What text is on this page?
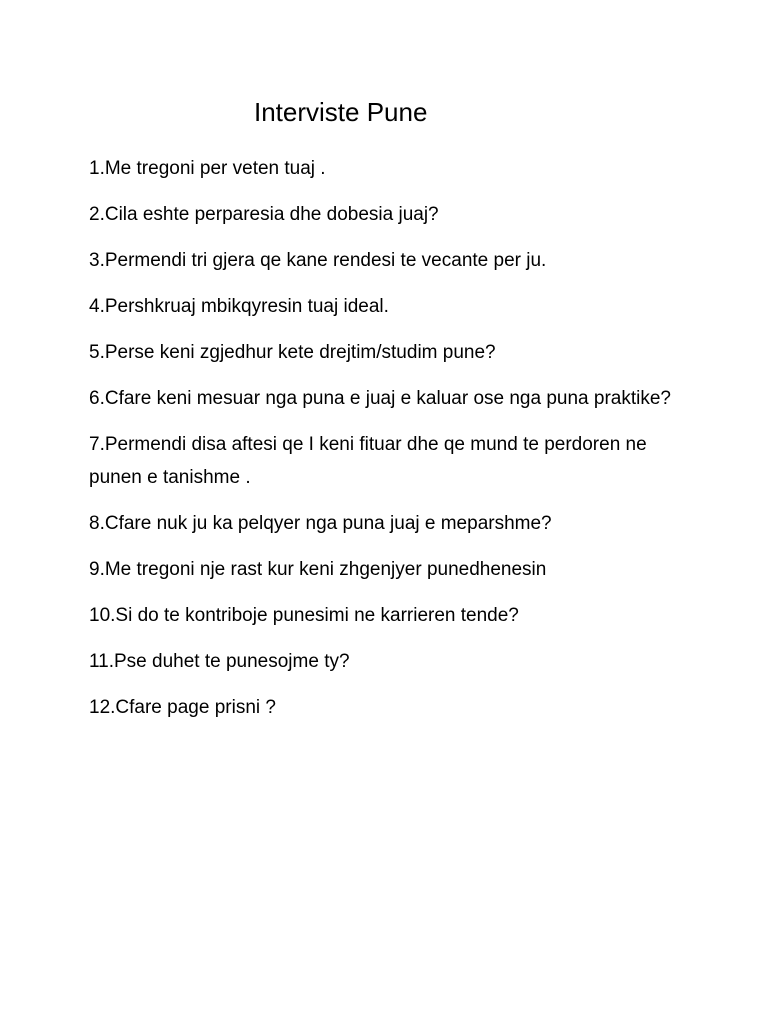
Interviste Pune
1.Me tregoni per veten tuaj .
2.Cila eshte perparesia dhe dobesia juaj?
3.Permendi tri gjera qe kane rendesi te vecante per ju.
4.Pershkruaj mbikqyresin tuaj ideal.
5.Perse keni zgjedhur kete drejtim/studim pune?
6.Cfare keni mesuar nga puna e juaj e kaluar ose nga puna praktike?
7.Permendi disa aftesi qe I keni fituar dhe qe mund te perdoren ne punen e tanishme .
8.Cfare nuk ju ka pelqyer nga puna juaj e meparshme?
9.Me tregoni nje rast kur keni zhgenjyer punedhenesin
10.Si do te kontriboje punesimi ne karrieren tende?
11.Pse duhet te punesojme ty?
12.Cfare page prisni ?
